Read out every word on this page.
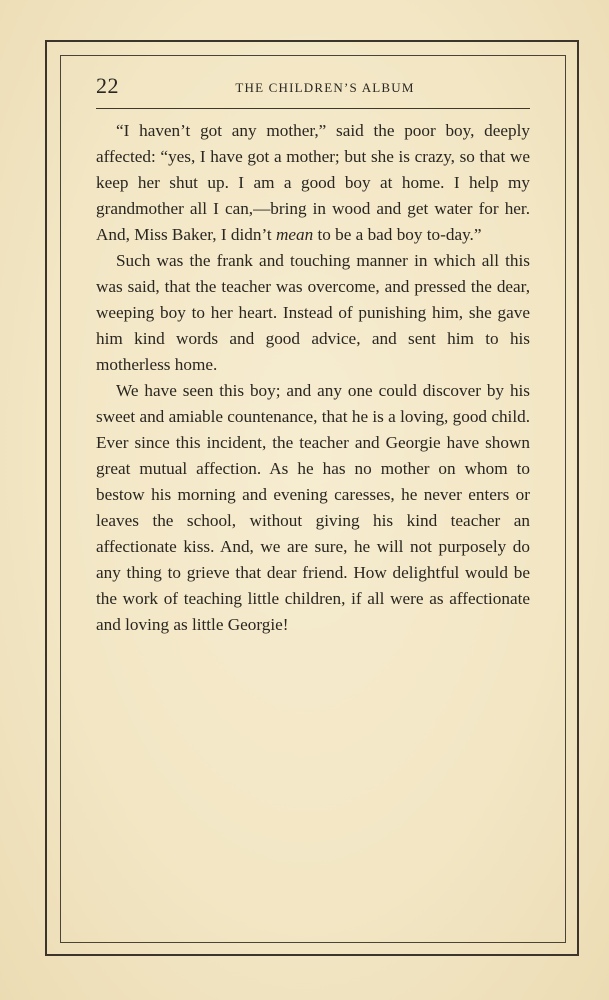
22	THE CHILDREN’S ALBUM

“I haven’t got any mother,” said the poor boy, deeply affected: “yes, I have got a mother; but she is crazy, so that we keep her shut up. I am a good boy at home. I help my grandmother all I can,—bring in wood and get water for her. And, Miss Baker, I didn’t mean to be a bad boy to-day.”

Such was the frank and touching manner in which all this was said, that the teacher was overcome, and pressed the dear, weeping boy to her heart. Instead of punishing him, she gave him kind words and good advice, and sent him to his motherless home.

We have seen this boy; and any one could discover by his sweet and amiable countenance, that he is a loving, good child. Ever since this incident, the teacher and Georgie have shown great mutual affection. As he has no mother on whom to bestow his morning and evening caresses, he never enters or leaves the school, without giving his kind teacher an affectionate kiss. And, we are sure, he will not purposely do any thing to grieve that dear friend. How delightful would be the work of teaching little children, if all were as affectionate and loving as little Georgie!
